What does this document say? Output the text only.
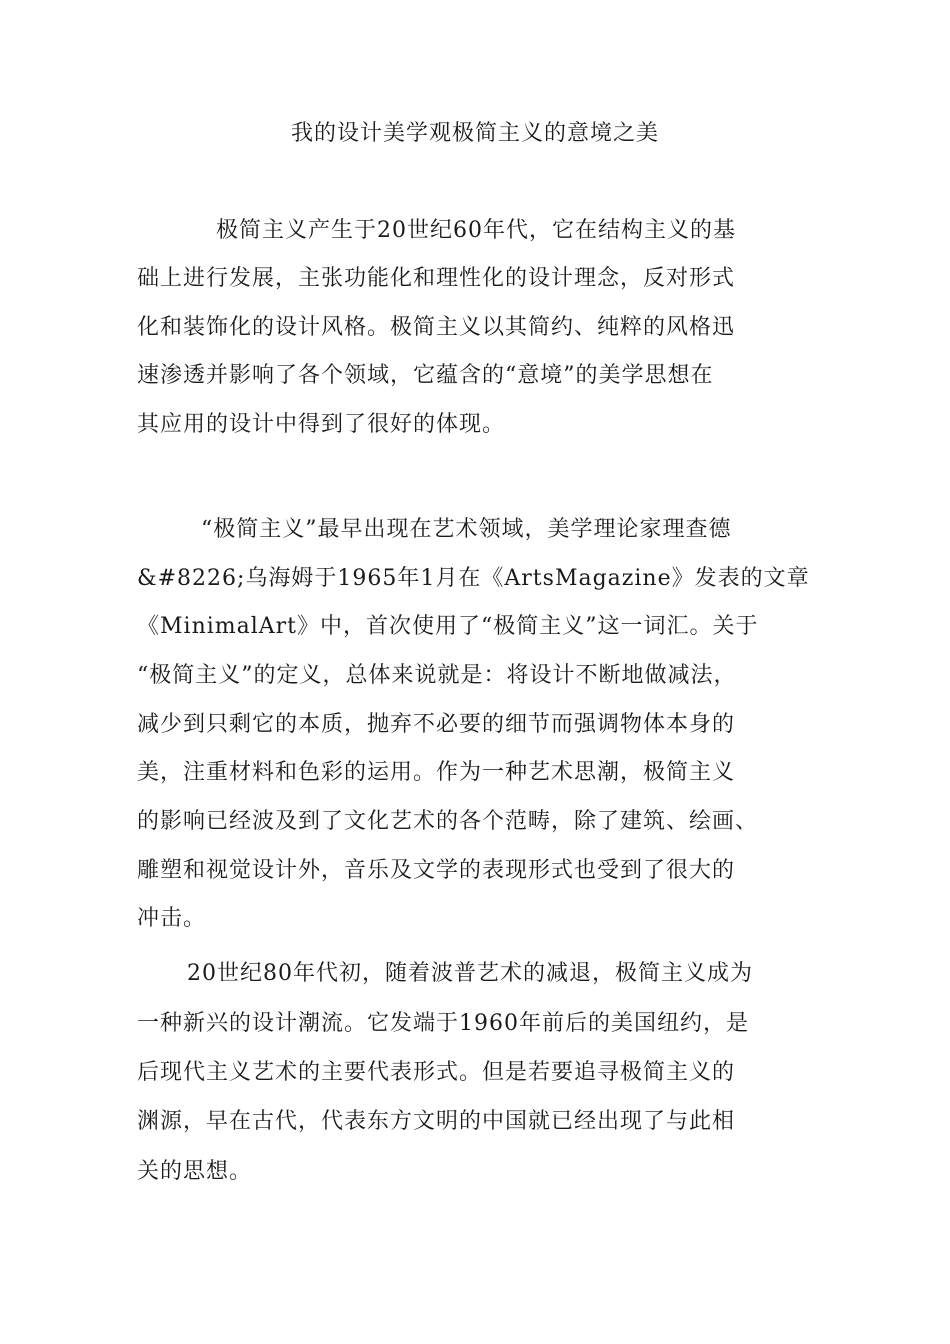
我的设计美学观极简主义的意境之美
极简主义产生于20世纪60年代，它在结构主义的基
础上进行发展，主张功能化和理性化的设计理念，反对形式
化和装饰化的设计风格。极简主义以其简约、纯粹的风格迅
速渗透并影响了各个领域，它蕴含的“意境”的美学思想在
其应用的设计中得到了很好的体现。
“极简主义”最早出现在艺术领域，美学理论家理查德
&#8226;乌海姆于1965年1月在《ArtsMagazine》发表的文章
《MinimalArt》中，首次使用了“极简主义”这一词汇。关于
“极简主义”的定义，总体来说就是：将设计不断地做减法，
减少到只剩它的本质，抛弃不必要的细节而强调物体本身的
美，注重材料和色彩的运用。作为一种艺术思潮，极简主义
的影响已经波及到了文化艺术的各个范畴，除了建筑、绘画、
雕塑和视觉设计外，音乐及文学的表现形式也受到了很大的
冲击。
20世纪80年代初，随着波普艺术的减退，极简主义成为
一种新兴的设计潮流。它发端于1960年前后的美国纽约，是
后现代主义艺术的主要代表形式。但是若要追寻极简主义的
渊源，早在古代，代表东方文明的中国就已经出现了与此相
关的思想。
